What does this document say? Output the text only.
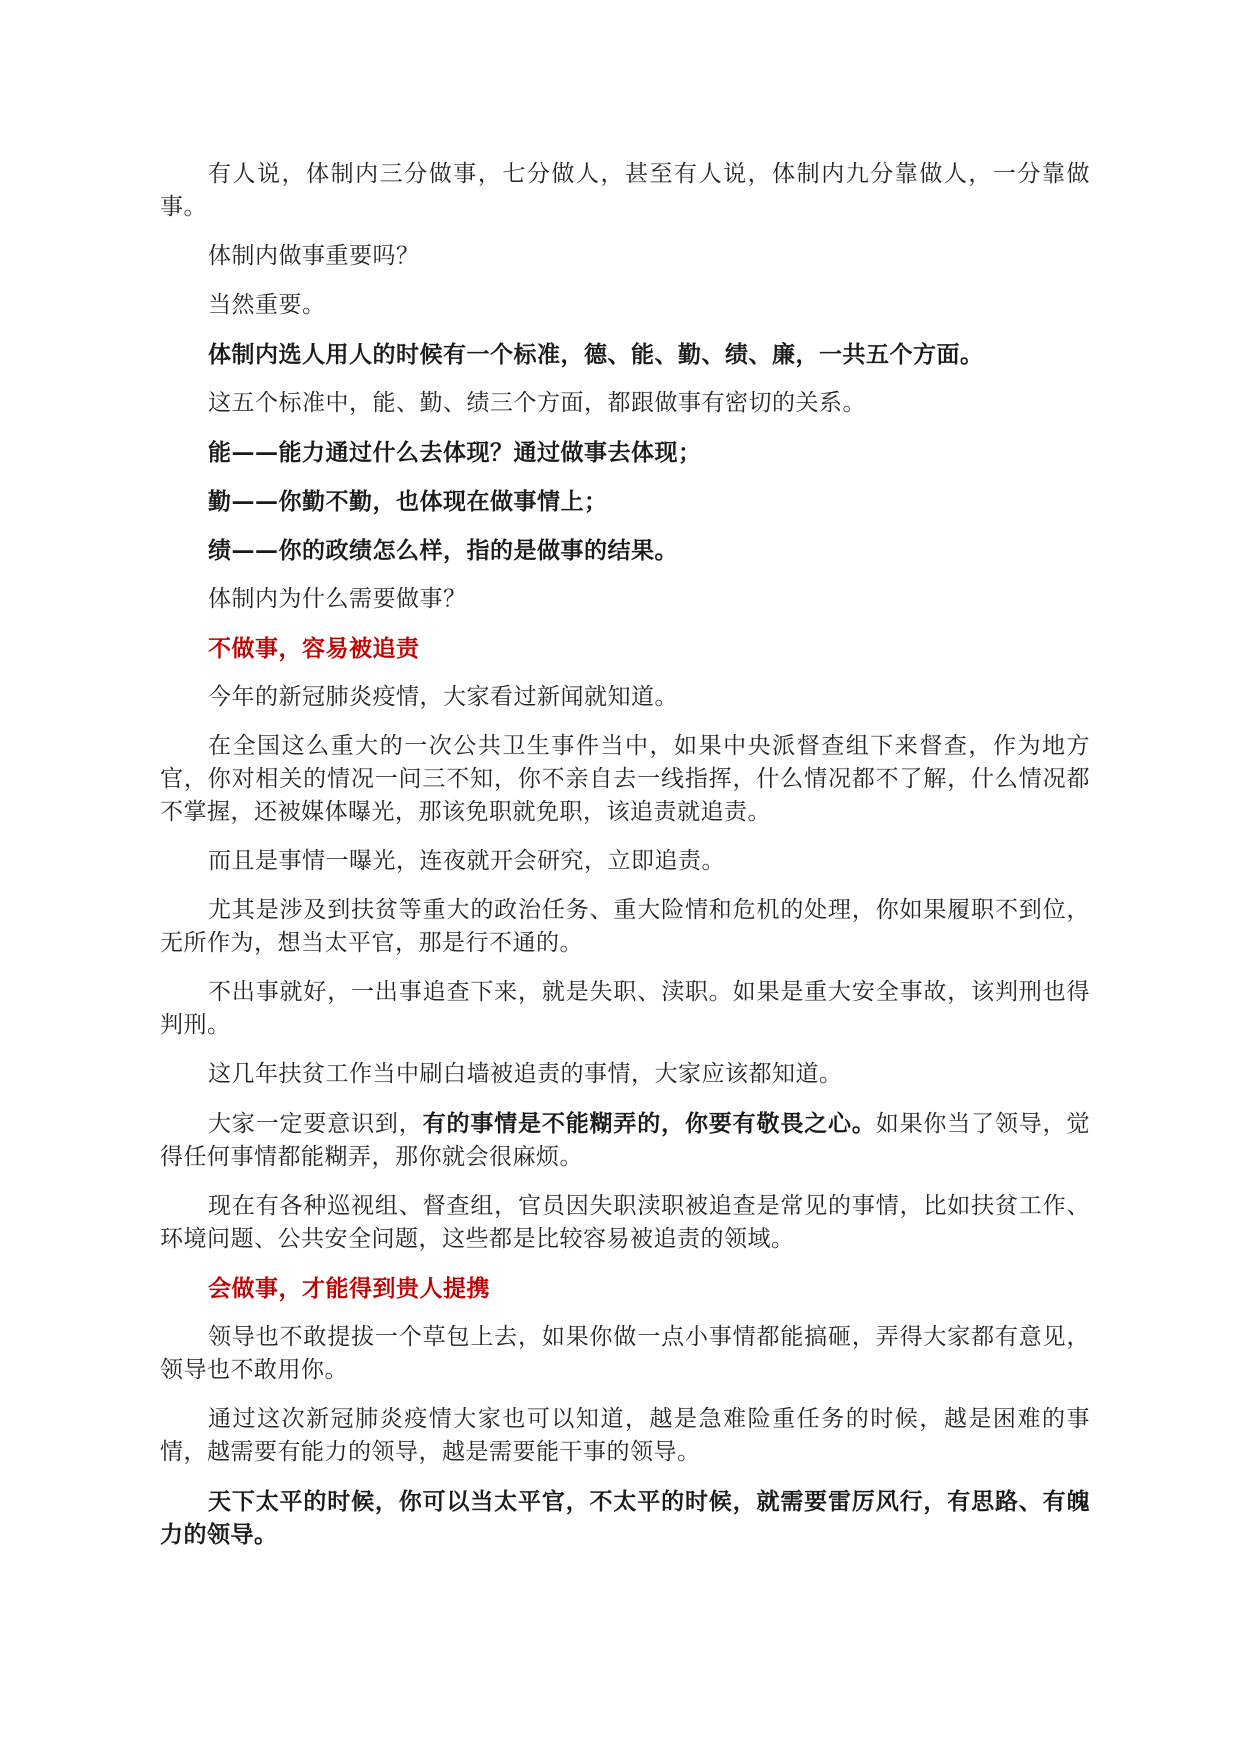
有人说，体制内三分做事，七分做人，甚至有人说，体制内九分靠做人，一分靠做事。

体制内做事重要吗？

当然重要。

体制内选人用人的时候有一个标准，德、能、勤、绩、廉，一共五个方面。

这五个标准中，能、勤、绩三个方面，都跟做事有密切的关系。

能——能力通过什么去体现？通过做事去体现；

勤——你勤不勤，也体现在做事情上；

绩——你的政绩怎么样，指的是做事的结果。

体制内为什么需要做事？

不做事，容易被追责

今年的新冠肺炎疫情，大家看过新闻就知道。

在全国这么重大的一次公共卫生事件当中，如果中央派督查组下来督查，作为地方官，你对相关的情况一问三不知，你不亲自去一线指挥，什么情况都不了解，什么情况都不掌握，还被媒体曝光，那该免职就免职，该追责就追责。

而且是事情一曝光，连夜就开会研究，立即追责。

尤其是涉及到扶贫等重大的政治任务、重大险情和危机的处理，你如果履职不到位，无所作为，想当太平官，那是行不通的。

不出事就好，一出事追查下来，就是失职、渎职。如果是重大安全事故，该判刑也得判刑。

这几年扶贫工作当中刷白墙被追责的事情，大家应该都知道。

大家一定要意识到，有的事情是不能糊弄的，你要有敬畏之心。如果你当了领导，觉得任何事情都能糊弄，那你就会很麻烦。

现在有各种巡视组、督查组，官员因失职渎职被追查是常见的事情，比如扶贫工作、环境问题、公共安全问题，这些都是比较容易被追责的领域。

会做事，才能得到贵人提携

领导也不敢提拔一个草包上去，如果你做一点小事情都能搞砸，弄得大家都有意见，领导也不敢用你。

通过这次新冠肺炎疫情大家也可以知道，越是急难险重任务的时候，越是困难的事情，越需要有能力的领导，越是需要能干事的领导。

天下太平的时候，你可以当太平官，不太平的时候，就需要雷厉风行，有思路、有魄力的领导。
